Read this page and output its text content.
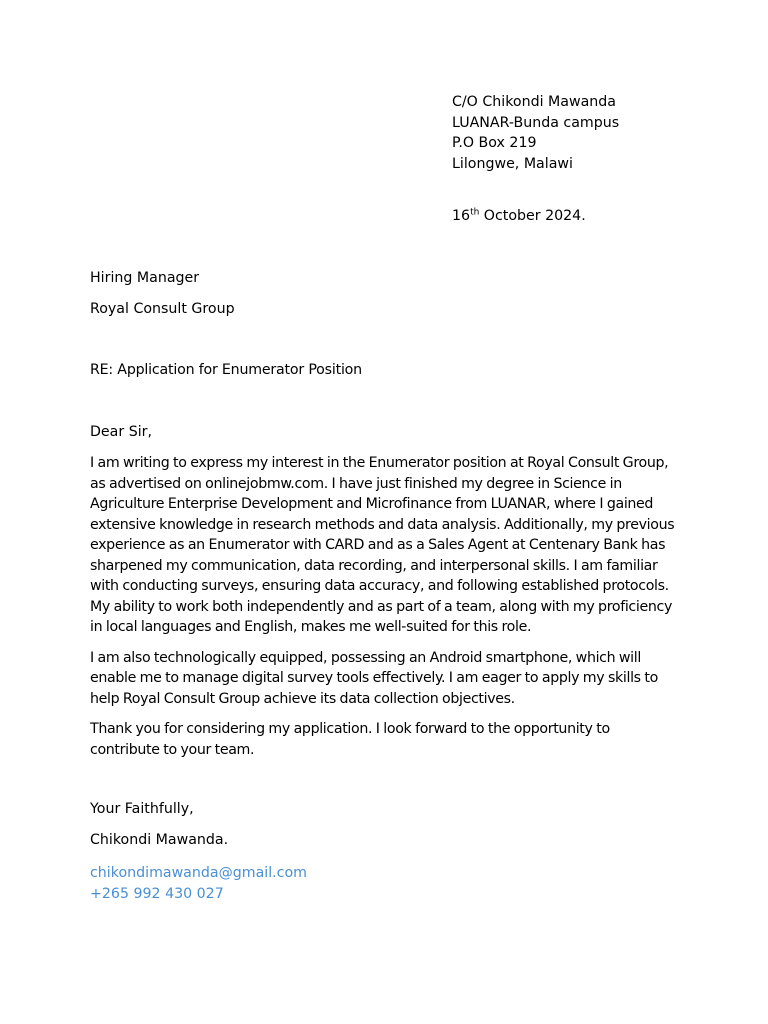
C/O Chikondi Mawanda
LUANAR-Bunda campus
P.O Box 219
Lilongwe, Malawi
16th October 2024.
Hiring Manager
Royal Consult Group
RE: Application for Enumerator Position
Dear Sir,

I am writing to express my interest in the Enumerator position at Royal Consult Group, as advertised on onlinejobmw.com. I have just finished my degree in Science in Agriculture Enterprise Development and Microfinance from LUANAR, where I gained extensive knowledge in research methods and data analysis. Additionally, my previous experience as an Enumerator with CARD and as a Sales Agent at Centenary Bank has sharpened my communication, data recording, and interpersonal skills. I am familiar with conducting surveys, ensuring data accuracy, and following established protocols. My ability to work both independently and as part of a team, along with my proficiency in local languages and English, makes me well-suited for this role.

I am also technologically equipped, possessing an Android smartphone, which will enable me to manage digital survey tools effectively. I am eager to apply my skills to help Royal Consult Group achieve its data collection objectives.

Thank you for considering my application. I look forward to the opportunity to contribute to your team.

Your Faithfully,
Chikondi Mawanda.
chikondimawanda@gmail.com
+265 992 430 027
